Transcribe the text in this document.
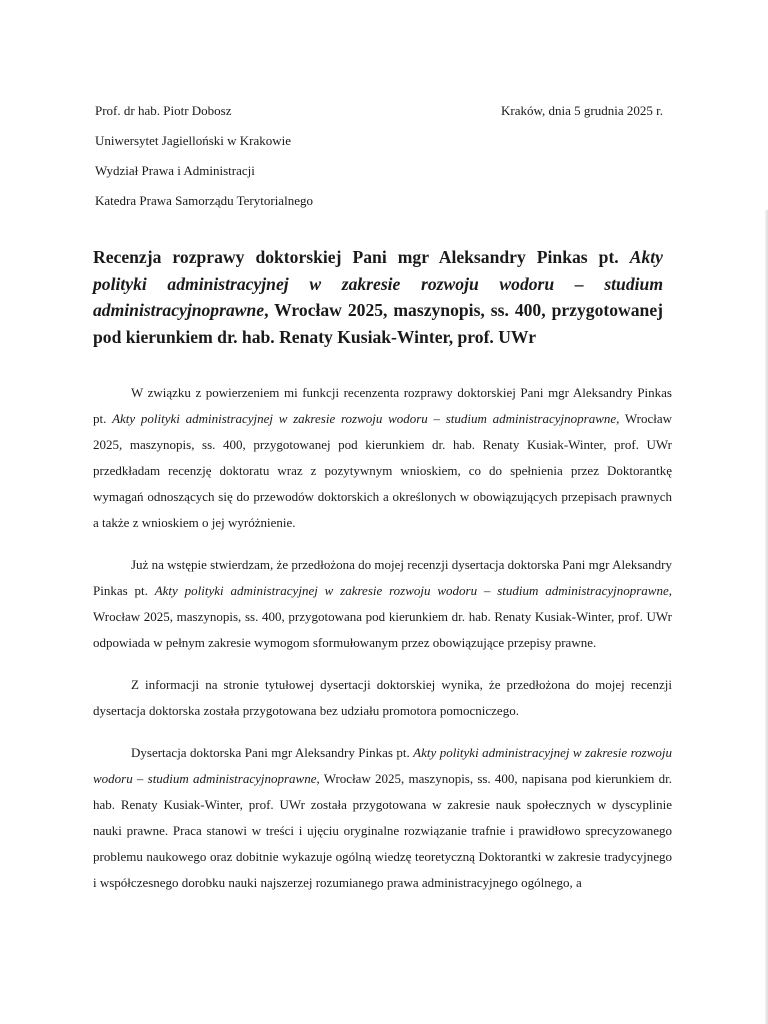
Prof. dr hab. Piotr Dobosz
Uniwersytet Jagielloński w Krakowie
Wydział Prawa i Administracji
Katedra Prawa Samorządu Terytorialnego
Kraków, dnia 5 grudnia 2025 r.
Recenzja rozprawy doktorskiej Pani mgr Aleksandry Pinkas pt. Akty polityki administracyjnej w zakresie rozwoju wodoru – studium administracyjnoprawne, Wrocław 2025, maszynopis, ss. 400, przygotowanej pod kierunkiem dr. hab. Renaty Kusiak-Winter, prof. UWr

W związku z powierzeniem mi funkcji recenzenta rozprawy doktorskiej Pani mgr Aleksandry Pinkas pt. Akty polityki administracyjnej w zakresie rozwoju wodoru – studium administracyjnoprawne, Wrocław 2025, maszynopis, ss. 400, przygotowanej pod kierunkiem dr. hab. Renaty Kusiak-Winter, prof. UWr przedkładam recenzję doktoratu wraz z pozytywnym wnioskiem, co do spełnienia przez Doktorantkę wymagań odnoszących się do przewodów doktorskich a określonych w obowiązujących przepisach prawnych a także z wnioskiem o jej wyróżnienie.

Już na wstępie stwierdzam, że przedłożona do mojej recenzji dysertacja doktorska Pani mgr Aleksandry Pinkas pt. Akty polityki administracyjnej w zakresie rozwoju wodoru – studium administracyjnoprawne, Wrocław 2025, maszynopis, ss. 400, przygotowana pod kierunkiem dr. hab. Renaty Kusiak-Winter, prof. UWr odpowiada w pełnym zakresie wymogom sformułowanym przez obowiązujące przepisy prawne.

Z informacji na stronie tytułowej dysertacji doktorskiej wynika, że przedłożona do mojej recenzji dysertacja doktorska została przygotowana bez udziału promotora pomocniczego.

Dysertacja doktorska Pani mgr Aleksandry Pinkas pt. Akty polityki administracyjnej w zakresie rozwoju wodoru – studium administracyjnoprawne, Wrocław 2025, maszynopis, ss. 400, napisana pod kierunkiem dr. hab. Renaty Kusiak-Winter, prof. UWr została przygotowana w zakresie nauk społecznych w dyscyplinie nauki prawne. Praca stanowi w treści i ujęciu oryginalne rozwiązanie trafnie i prawidłowo sprecyzowanego problemu naukowego oraz dobitnie wykazuje ogólną wiedzę teoretyczną Doktorantki w zakresie tradycyjnego i współczesnego dorobku nauki najszerzej rozumianego prawa administracyjnego ogólnego, a
